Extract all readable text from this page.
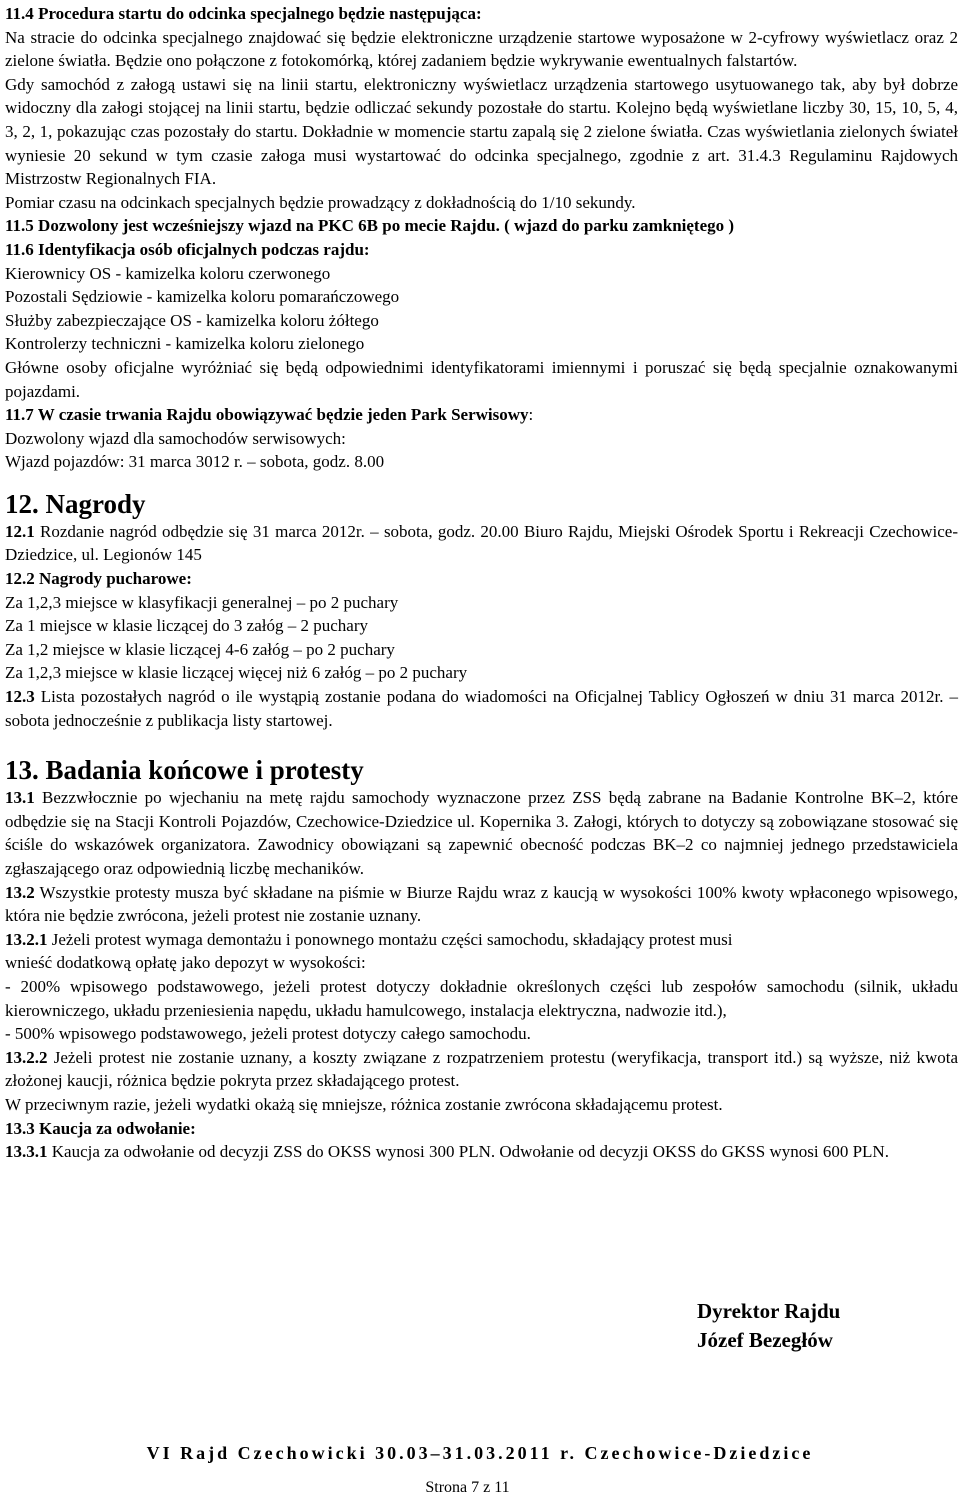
11.4 Procedura startu do odcinka specjalnego będzie następująca:

Na stracie do odcinka specjalnego znajdować się będzie elektroniczne urządzenie startowe wyposażone w 2-cyfrowy wyświetlacz oraz 2 zielone światła. Będzie ono połączone z fotokomórką, której zadaniem będzie wykrywanie ewentualnych falstartów.

Gdy samochód z załogą ustawi się na linii startu, elektroniczny wyświetlacz urządzenia startowego usytuowanego tak, aby był dobrze widoczny dla załogi stojącej na linii startu, będzie odliczać sekundy pozostałe do startu. Kolejno będą wyświetlane liczby 30, 15, 10, 5, 4, 3, 2, 1, pokazując czas pozostały do startu. Dokładnie w momencie startu zapalą się 2 zielone światła. Czas wyświetlania zielonych świateł wyniesie 20 sekund w tym czasie załoga musi wystartować do odcinka specjalnego, zgodnie z art. 31.4.3 Regulaminu Rajdowych Mistrzostw Regionalnych FIA.

Pomiar czasu na odcinkach specjalnych będzie prowadzący z dokładnością do 1/10 sekundy.

11.5 Dozwolony jest wcześniejszy wjazd na PKC 6B po mecie Rajdu. ( wjazd do parku zamkniętego )

11.6 Identyfikacja osób oficjalnych podczas rajdu:

Kierownicy OS - kamizelka koloru czerwonego
Pozostali Sędziowie - kamizelka koloru pomarańczowego
Służby zabezpieczające OS - kamizelka koloru żółtego
Kontrolerzy techniczni - kamizelka koloru zielonego

Główne osoby oficjalne wyróżniać się będą odpowiednimi identyfikatorami imiennymi i poruszać się będą specjalnie oznakowanymi pojazdami.

11.7 W czasie trwania Rajdu obowiązywać będzie jeden Park Serwisowy:

Dozwolony wjazd dla samochodów serwisowych:
Wjazd pojazdów: 31 marca 3012 r. – sobota, godz. 8.00

12. Nagrody

12.1 Rozdanie nagród odbędzie się 31 marca 2012r. – sobota, godz. 20.00 Biuro Rajdu, Miejski Ośrodek Sportu i Rekreacji Czechowice-Dziedzice, ul. Legionów 145

12.2 Nagrody pucharowe:

Za 1,2,3 miejsce w klasyfikacji generalnej – po 2 puchary
Za 1 miejsce w klasie liczącej do 3 załóg – 2 puchary
Za 1,2 miejsce w klasie liczącej 4-6 załóg – po 2 puchary
Za 1,2,3 miejsce w klasie liczącej więcej niż 6 załóg – po 2 puchary

12.3 Lista pozostałych nagród o ile wystąpią zostanie podana do wiadomości na Oficjalnej Tablicy Ogłoszeń w dniu 31 marca 2012r. – sobota jednocześnie z publikacja listy startowej.

13. Badania końcowe i protesty

13.1 Bezzwłocznie po wjechaniu na metę rajdu samochody wyznaczone przez ZSS będą zabrane na Badanie Kontrolne BK–2, które odbędzie się na Stacji Kontroli Pojazdów, Czechowice-Dziedzice ul. Kopernika 3. Załogi, których to dotyczy są zobowiązane stosować się ściśle do wskazówek organizatora. Zawodnicy obowiązani są zapewnić obecność podczas BK–2 co najmniej jednego przedstawiciela zgłaszającego oraz odpowiednią liczbę mechaników.

13.2 Wszystkie protesty musza być składane na piśmie w Biurze Rajdu wraz z kaucją w wysokości 100% kwoty wpłaconego wpisowego, która nie będzie zwrócona, jeżeli protest nie zostanie uznany.

13.2.1 Jeżeli protest wymaga demontażu i ponownego montażu części samochodu, składający protest musi
wnieść dodatkową opłatę jako depozyt w wysokości:

- 200% wpisowego podstawowego, jeżeli protest dotyczy dokładnie określonych części lub zespołów samochodu (silnik, układu kierowniczego, układu przeniesienia napędu, układu hamulcowego, instalacja elektryczna, nadwozie itd.),

- 500% wpisowego podstawowego, jeżeli protest dotyczy całego samochodu.

13.2.2 Jeżeli protest nie zostanie uznany, a koszty związane z rozpatrzeniem protestu (weryfikacja, transport itd.) są wyższe, niż kwota złożonej kaucji, różnica będzie pokryta przez składającego protest.

W przeciwnym razie, jeżeli wydatki okażą się mniejsze, różnica zostanie zwrócona składającemu protest.

13.3 Kaucja za odwołanie:

13.3.1 Kaucja za odwołanie od decyzji ZSS do OKSS wynosi 300 PLN. Odwołanie od decyzji OKSS do GKSS wynosi 600 PLN.

Dyrektor Rajdu
Józef Bezegłów
VI Rajd Czechowicki 30.03–31.03.2011 r. Czechowice-Dziedzice
Strona 7 z 11
